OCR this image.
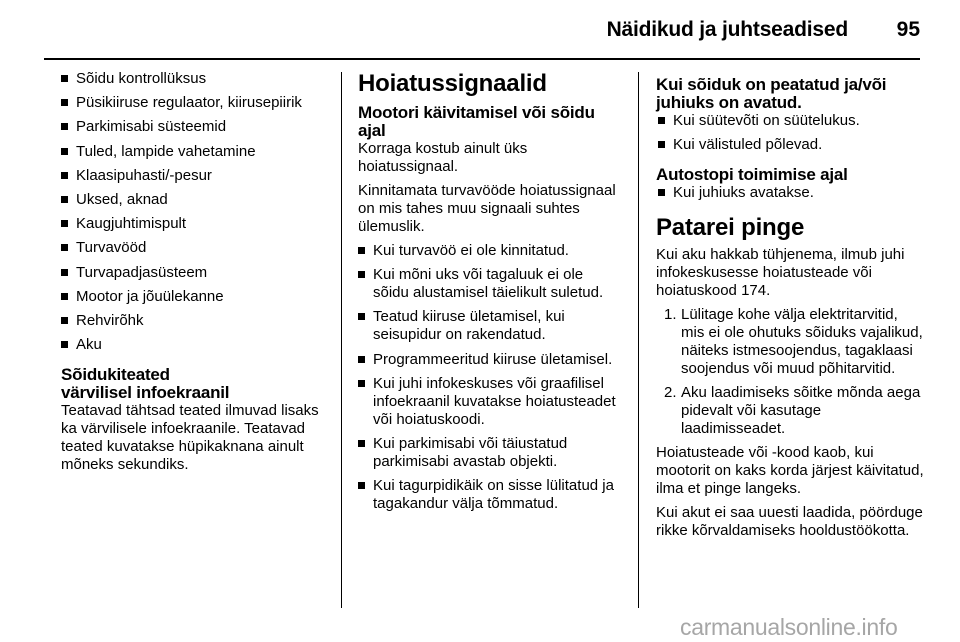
Näidikud ja juhtseadised 95
Sõidu kontrollüksus
Püsikiiruse regulaator, kiirusepiirik
Parkimisabi süsteemid
Tuled, lampide vahetamine
Klaasipuhasti/-pesur
Uksed, aknad
Kaugjuhtimispult
Turvavööd
Turvapadjasüsteem
Mootor ja jõuülekanne
Rehvirõhk
Aku
Sõidukiteated
värvilisel infoekraanil

Teatavad tähtsad teated ilmuvad lisaks ka värvilisele infoekraanile. Teatavad teated kuvatakse hüpikaknana ainult mõneks sekundiks.

Hoiatussignaalid
Mootori käivitamisel või sõidu ajal

Korraga kostub ainult üks hoiatussignaal.

Kinnitamata turvavööde hoiatussignaal on mis tahes muu signaali suhtes ülemuslik.

Kui turvavöö ei ole kinnitatud.
Kui mõni uks või tagaluuk ei ole sõidu alustamisel täielikult suletud.
Teatud kiiruse ületamisel, kui seisupidur on rakendatud.
Programmeeritud kiiruse ületamisel.
Kui juhi infokeskuses või graafilisel infoekraanil kuvatakse hoiatusteadet või hoiatuskoodi.
Kui parkimisabi või täiustatud parkimisabi avastab objekti.
Kui tagurpidikäik on sisse lülitatud ja tagakandur välja tõmmatud.
Kui sõiduk on peatatud ja/või juhiuks on avatud.
Kui süütevõti on süütelukus.
Kui välistuled põlevad.
Autostopi toimimise ajal
Kui juhiuks avatakse.
Patarei pinge

Kui aku hakkab tühjenema, ilmub juhi infokeskusesse hoiatusteade või hoiatuskood 174.

1. Lülitage kohe välja elektritarvitid, mis ei ole ohutuks sõiduks vajalikud, näiteks istmesoojendus, tagaklaasi soojendus või muud põhitarvitid.
2. Aku laadimiseks sõitke mõnda aega pidevalt või kasutage laadimisseadet.

Hoiatusteade või -kood kaob, kui mootorit on kaks korda järjest käivitatud, ilma et pinge langeks.

Kui akut ei saa uuesti laadida, pöörduge rikke kõrvaldamiseks hooldustöökotta.

carmanualsonline.info
